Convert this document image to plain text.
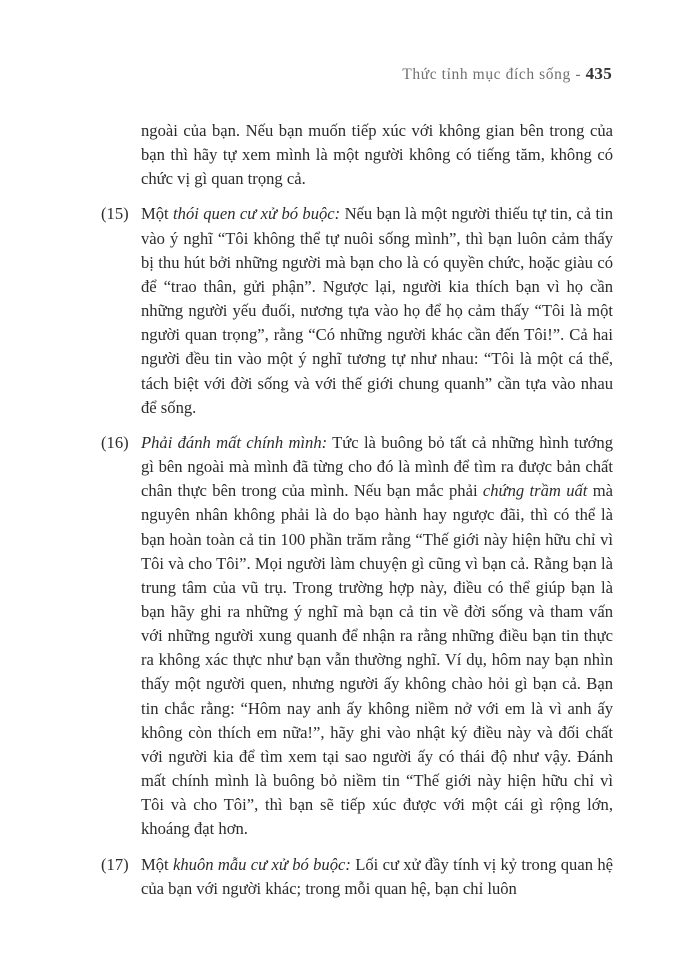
Thức tỉnh mục đích sống - 435

ngoài của bạn. Nếu bạn muốn tiếp xúc với không gian bên trong của bạn thì hãy tự xem mình là một người không có tiếng tăm, không có chức vị gì quan trọng cả.

(15) Một thói quen cư xử bó buộc: Nếu bạn là một người thiếu tự tin, cả tin vào ý nghĩ “Tôi không thể tự nuôi sống mình”, thì bạn luôn cảm thấy bị thu hút bởi những người mà bạn cho là có quyền chức, hoặc giàu có để “trao thân, gửi phận”. Ngược lại, người kia thích bạn vì họ cần những người yếu đuối, nương tựa vào họ để họ cảm thấy “Tôi là một người quan trọng”, rằng “Có những người khác cần đến Tôi!”. Cả hai người đều tin vào một ý nghĩ tương tự như nhau: “Tôi là một cá thể, tách biệt với đời sống và với thế giới chung quanh” cần tựa vào nhau để sống.

(16) Phải đánh mất chính mình: Tức là buông bỏ tất cả những hình tướng gì bên ngoài mà mình đã từng cho đó là mình để tìm ra được bản chất chân thực bên trong của mình. Nếu bạn mắc phải chứng trầm uất mà nguyên nhân không phải là do bạo hành hay ngược đãi, thì có thể là bạn hoàn toàn cả tin 100 phần trăm rằng “Thế giới này hiện hữu chỉ vì Tôi và cho Tôi”. Mọi người làm chuyện gì cũng vì bạn cả. Rằng bạn là trung tâm của vũ trụ. Trong trường hợp này, điều có thể giúp bạn là bạn hãy ghi ra những ý nghĩ mà bạn cả tin về đời sống và tham vấn với những người xung quanh để nhận ra rằng những điều bạn tin thực ra không xác thực như bạn vẫn thường nghĩ. Ví dụ, hôm nay bạn nhìn thấy một người quen, nhưng người ấy không chào hỏi gì bạn cả. Bạn tin chắc rằng: “Hôm nay anh ấy không niềm nở với em là vì anh ấy không còn thích em nữa!”, hãy ghi vào nhật ký điều này và đối chất với người kia để tìm xem tại sao người ấy có thái độ như vậy. Đánh mất chính mình là buông bỏ niềm tin “Thế giới này hiện hữu chỉ vì Tôi và cho Tôi”, thì bạn sẽ tiếp xúc được với một cái gì rộng lớn, khoáng đạt hơn.

(17) Một khuôn mẫu cư xử bó buộc: Lối cư xử đầy tính vị kỷ trong quan hệ của bạn với người khác; trong mỗi quan hệ, bạn chỉ luôn
